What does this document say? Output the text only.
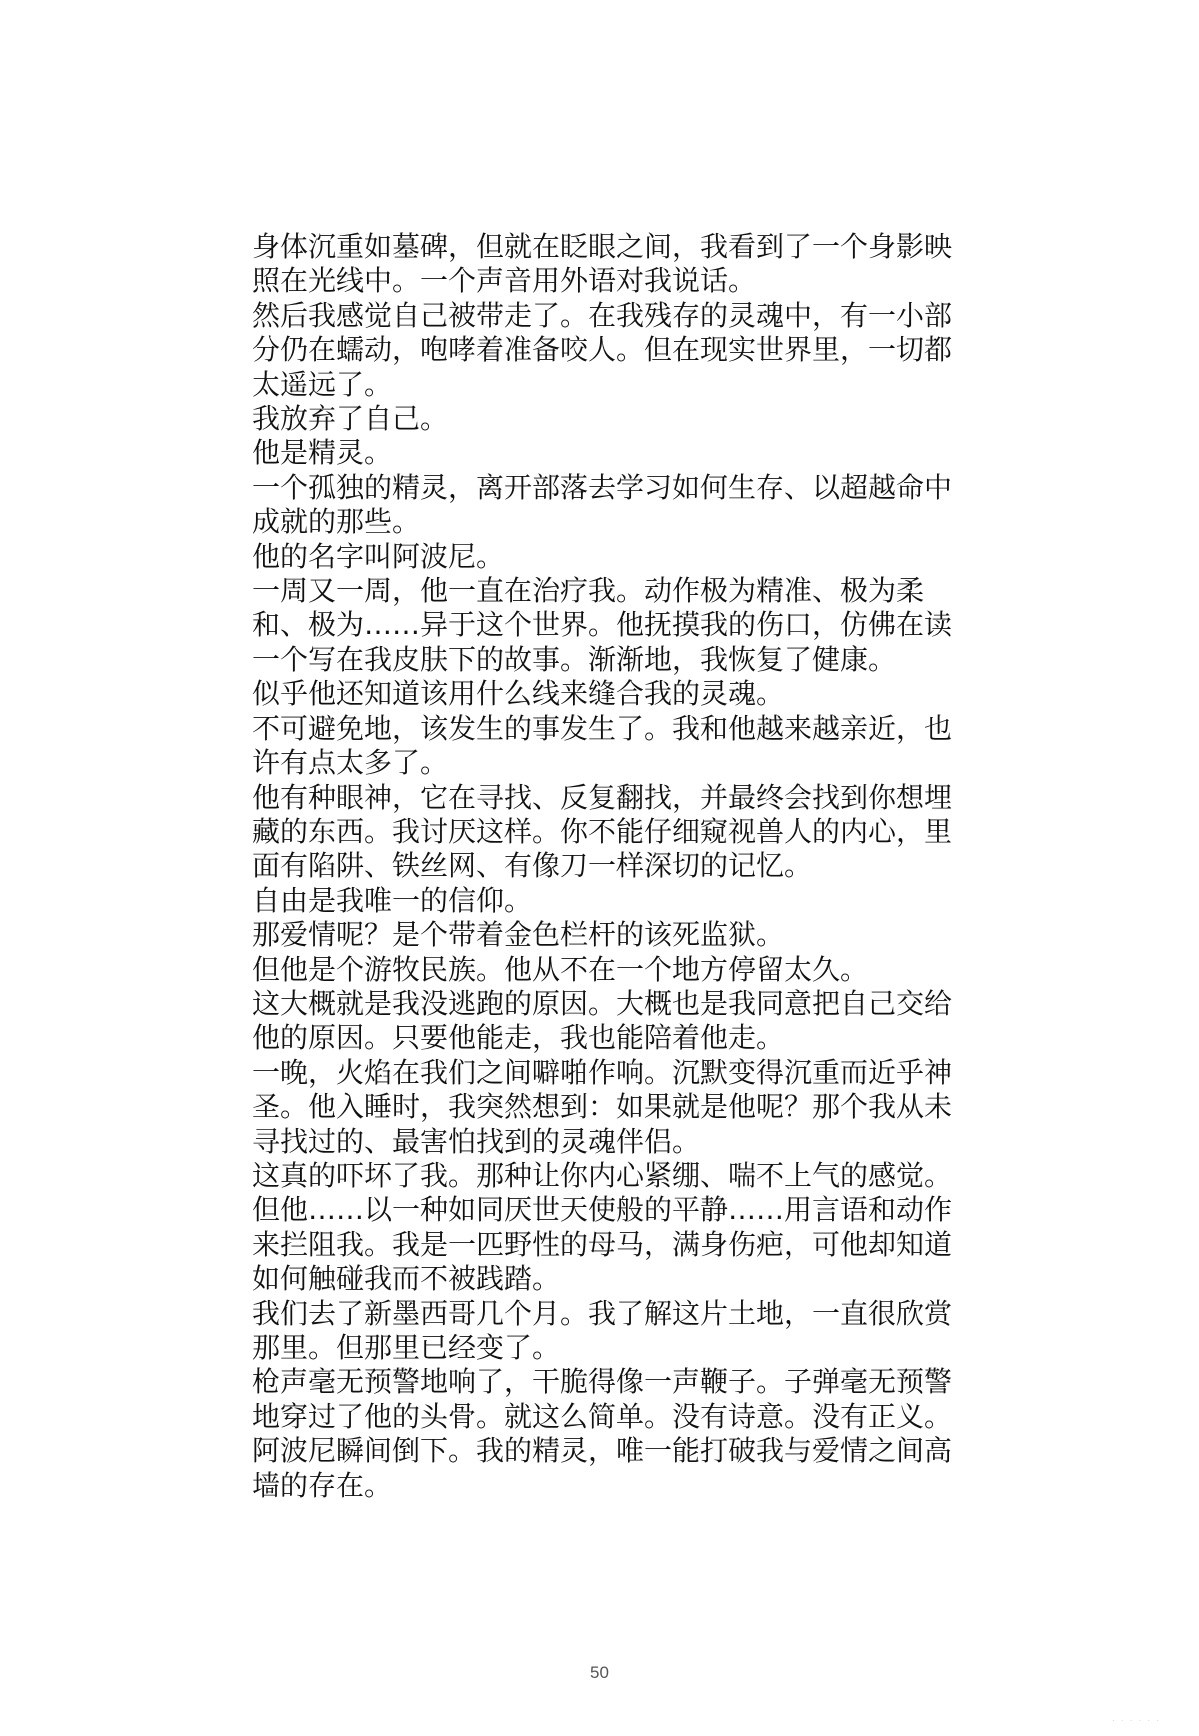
身体沉重如墓碑，但就在眨眼之间，我看到了一个身影映照在光线中。一个声音用外语对我说话。

然后我感觉自己被带走了。在我残存的灵魂中，有一小部分仍在蠕动，咆哮着准备咬人。但在现实世界里，一切都太遥远了。

我放弃了自己。

他是精灵。

一个孤独的精灵，离开部落去学习如何生存、以超越命中成就的那些。

他的名字叫阿波尼。

一周又一周，他一直在治疗我。动作极为精准、极为柔和、极为……异于这个世界。他抚摸我的伤口，仿佛在读一个写在我皮肤下的故事。渐渐地，我恢复了健康。

似乎他还知道该用什么线来缝合我的灵魂。

不可避免地，该发生的事发生了。我和他越来越亲近，也许有点太多了。

他有种眼神，它在寻找、反复翻找，并最终会找到你想埋藏的东西。我讨厌这样。你不能仔细窥视兽人的内心，里面有陷阱、铁丝网、有像刀一样深切的记忆。

自由是我唯一的信仰。

那爱情呢？是个带着金色栏杆的该死监狱。

但他是个游牧民族。他从不在一个地方停留太久。

这大概就是我没逃跑的原因。大概也是我同意把自己交给他的原因。只要他能走，我也能陪着他走。

一晚，火焰在我们之间噼啪作响。沉默变得沉重而近乎神圣。他入睡时，我突然想到：如果就是他呢？那个我从未寻找过的、最害怕找到的灵魂伴侣。

这真的吓坏了我。那种让你内心紧绷、喘不上气的感觉。

但他……以一种如同厌世天使般的平静……用言语和动作来拦阻我。我是一匹野性的母马，满身伤疤，可他却知道如何触碰我而不被践踏。

我们去了新墨西哥几个月。我了解这片土地，一直很欣赏那里。但那里已经变了。

枪声毫无预警地响了，干脆得像一声鞭子。子弹毫无预警地穿过了他的头骨。就这么简单。没有诗意。没有正义。阿波尼瞬间倒下。我的精灵，唯一能打破我与爱情之间高墙的存在。

50
· · · · · ·
